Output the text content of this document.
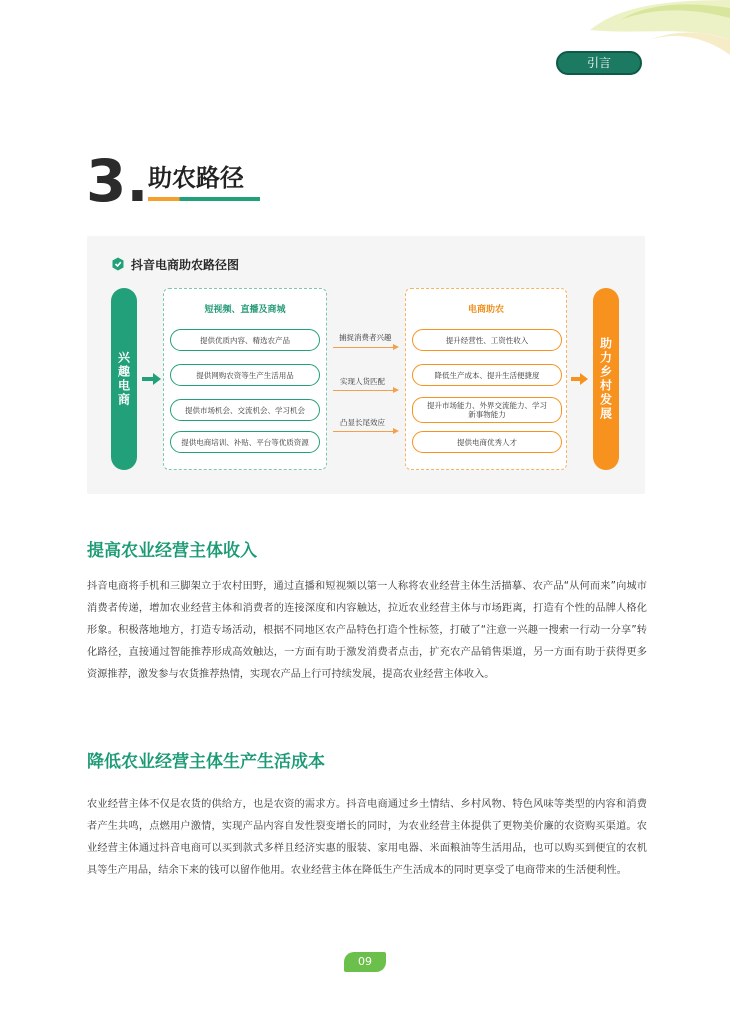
引言
3. 助农路径
抖音电商助农路径图
兴趣电商
短视频、直播及商城
提供优质内容、精选农产品
提供网购农资等生产生活用品
提供市场机会、交流机会、学习机会
提供电商培训、补贴、平台等优质资源
捕捉消费者兴趣
实现人货匹配
凸显长尾效应
电商助农
提升经营性、工资性收入
降低生产成本、提升生活便捷度
提升市场能力、外界交流能力、学习新事物能力
提供电商优秀人才
助力乡村发展
提高农业经营主体收入
抖音电商将手机和三脚架立于农村田野，通过直播和短视频以第一人称将农业经营主体生活描摹、农产品“从何而来”向城市消费者传递，增加农业经营主体和消费者的连接深度和内容触达，拉近农业经营主体与市场距离，打造有个性的品牌人格化形象。积极落地地方，打造专场活动，根据不同地区农产品特色打造个性标签，打破了“注意一兴趣一搜索一行动一分享”转化路径，直接通过智能推荐形成高效触达，一方面有助于激发消费者点击，扩充农产品销售渠道，另一方面有助于获得更多资源推荐，激发参与农货推荐热情，实现农产品上行可持续发展，提高农业经营主体收入。
降低农业经营主体生产生活成本
农业经营主体不仅是农货的供给方，也是农资的需求方。抖音电商通过乡土情结、乡村风物、特色风味等类型的内容和消费者产生共鸣，点燃用户激情，实现产品内容自发性裂变增长的同时，为农业经营主体提供了更物美价廉的农资购买渠道。农业经营主体通过抖音电商可以买到款式多样且经济实惠的服装、家用电器、米面粮油等生活用品，也可以购买到便宜的农机具等生产用品，结余下来的钱可以留作他用。农业经营主体在降低生产生活成本的同时更享受了电商带来的生活便利性。
09
